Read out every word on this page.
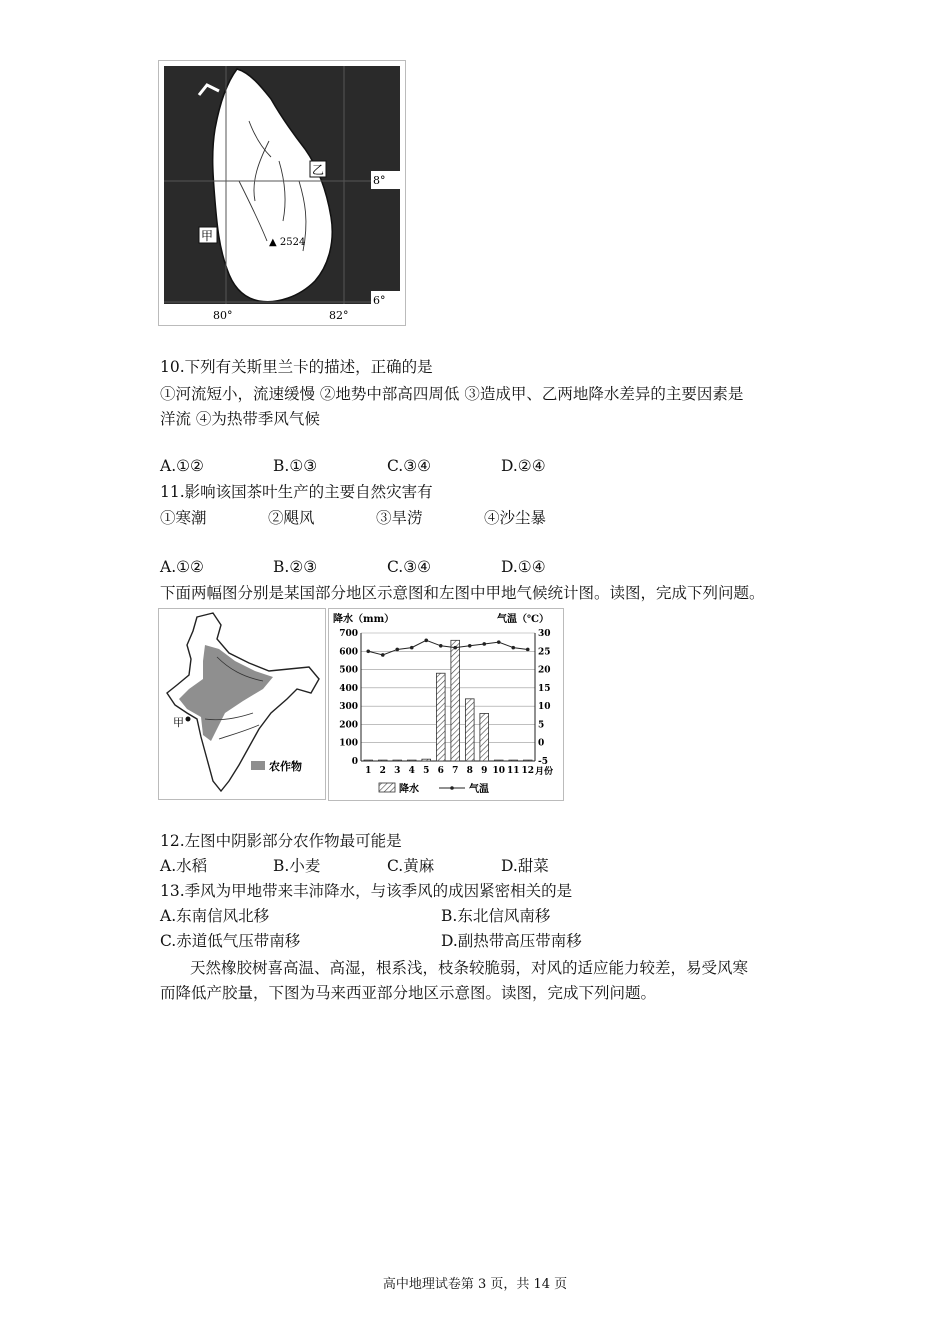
乙
甲	▲ 2524
8°
6°
80°	82°
10.下列有关斯里兰卡的描述，正确的是
①河流短小，流速缓慢 ②地势中部高四周低 ③造成甲、乙两地降水差异的主要因素是
洋流 ④为热带季风气候
A.①②	B.①③	C.③④	D.②④
11.影响该国茶叶生产的主要自然灾害有
①寒潮	②飓风	③旱涝	④沙尘暴
A.①②	B.②③	C.③④	D.①④
下面两幅图分别是某国部分地区示意图和左图中甲地气候统计图。读图，完成下列问题。
甲
农作物
降水（mm）	气温（℃）
0
100
200
300
400
500
600
700
-5
0
5
10
15
20
25
30
1 2 3 4 5 6 7 8 9 10 11 12 月份
降水	气温
12.左图中阴影部分农作物最可能是
A.水稻	B.小麦	C.黄麻	D.甜菜
13.季风为甲地带来丰沛降水，与该季风的成因紧密相关的是
A.东南信风北移	B.东北信风南移
C.赤道低气压带南移	D.副热带高压带南移
天然橡胶树喜高温、高湿，根系浅，枝条较脆弱，对风的适应能力较差，易受风寒
而降低产胶量，下图为马来西亚部分地区示意图。读图，完成下列问题。
高中地理试卷第 3 页，共 14 页
